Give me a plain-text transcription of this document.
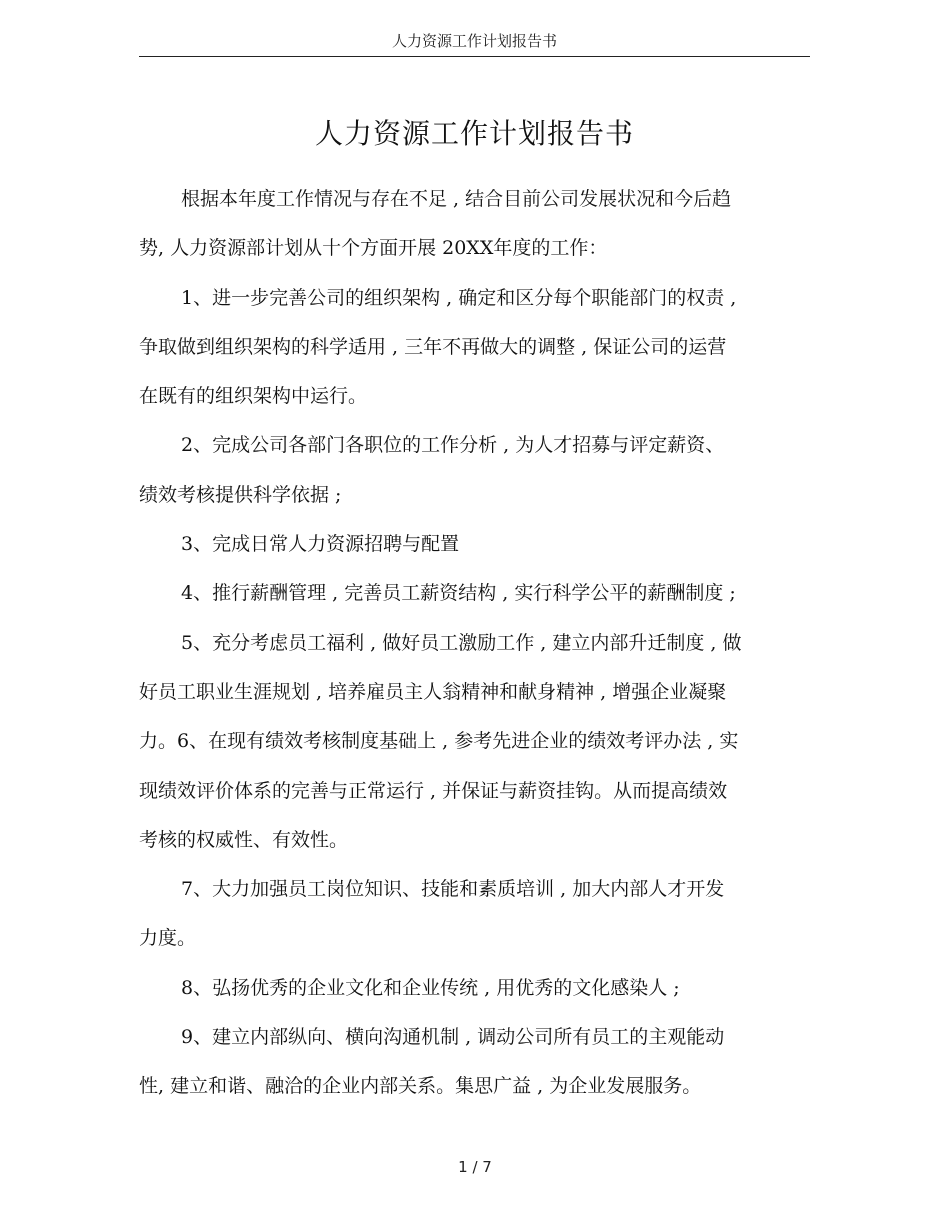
人力资源工作计划报告书
人力资源工作计划报告书
根据本年度工作情况与存在不足 , 结合目前公司发展状况和今后趋
势, 人力资源部计划从十个方面开展 20XX年度的工作：
1、进一步完善公司的组织架构 , 确定和区分每个职能部门的权责 ,
争取做到组织架构的科学适用 , 三年不再做大的调整 , 保证公司的运营
在既有的组织架构中运行。
2、完成公司各部门各职位的工作分析 , 为人才招募与评定薪资、
绩效考核提供科学依据 ;
3、完成日常人力资源招聘与配置
4、推行薪酬管理 , 完善员工薪资结构 , 实行科学公平的薪酬制度 ;
5、充分考虑员工福利 , 做好员工激励工作 , 建立内部升迁制度 , 做
好员工职业生涯规划 , 培养雇员主人翁精神和献身精神 , 增强企业凝聚
力。6、在现有绩效考核制度基础上 , 参考先进企业的绩效考评办法 , 实
现绩效评价体系的完善与正常运行 , 并保证与薪资挂钩。从而提高绩效
考核的权威性、有效性。
7、大力加强员工岗位知识、技能和素质培训 , 加大内部人才开发
力度。
8、弘扬优秀的企业文化和企业传统 , 用优秀的文化感染人 ;
9、建立内部纵向、横向沟通机制 , 调动公司所有员工的主观能动
性, 建立和谐、融洽的企业内部关系。集思广益 , 为企业发展服务。
1 / 7
